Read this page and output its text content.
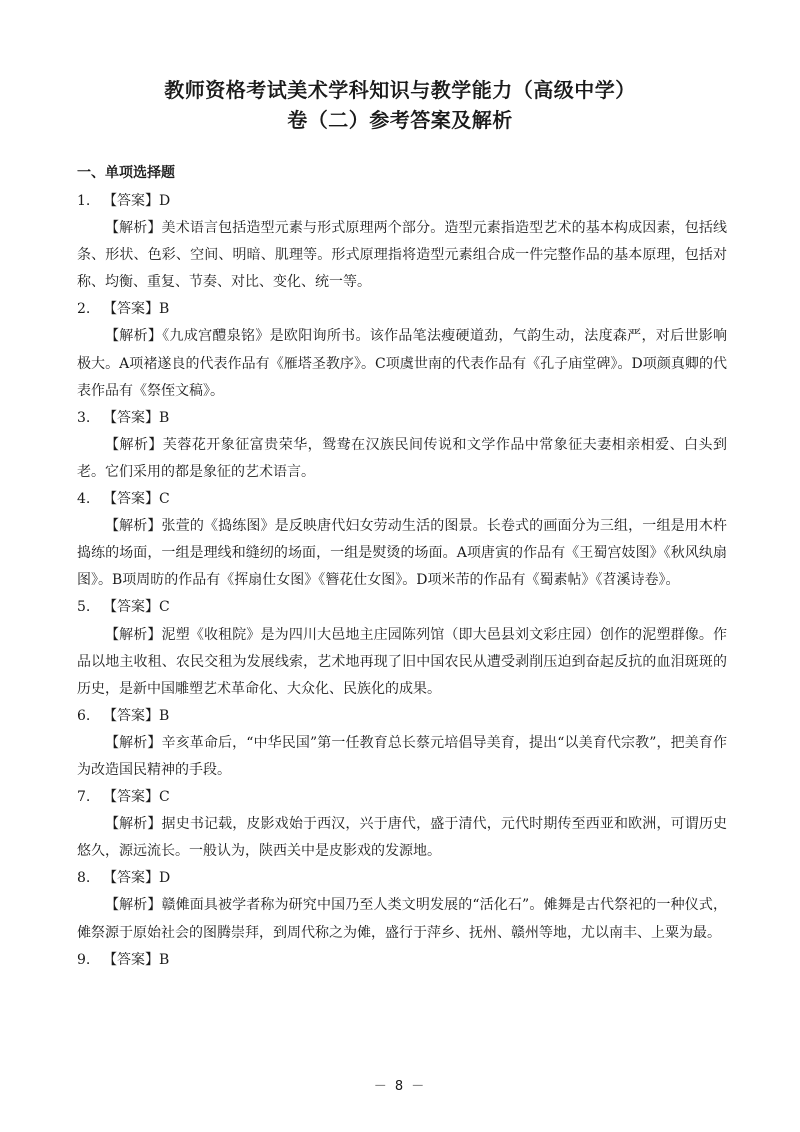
教师资格考试美术学科知识与教学能力（高级中学）
卷（二）参考答案及解析
一、单项选择题

1. 【答案】D

【解析】美术语言包括造型元素与形式原理两个部分。造型元素指造型艺术的基本构成因素，包括线条、形状、色彩、空间、明暗、肌理等。形式原理指将造型元素组合成一件完整作品的基本原理，包括对称、均衡、重复、节奏、对比、变化、统一等。

2. 【答案】B

【解析】《九成宫醴泉铭》是欧阳询所书。该作品笔法瘦硬道劲，气韵生动，法度森严，对后世影响极大。A项褚遂良的代表作品有《雁塔圣教序》。C项虞世南的代表作品有《孔子庙堂碑》。D项颜真卿的代表作品有《祭侄文稿》。

3. 【答案】B

【解析】芙蓉花开象征富贵荣华，鸳鸯在汉族民间传说和文学作品中常象征夫妻相亲相爱、白头到老。它们采用的都是象征的艺术语言。

4. 【答案】C

【解析】张萱的《捣练图》是反映唐代妇女劳动生活的图景。长卷式的画面分为三组，一组是用木杵捣练的场面，一组是理线和缝纫的场面，一组是熨烫的场面。A项唐寅的作品有《王蜀宫妓图》《秋风纨扇图》。B项周昉的作品有《挥扇仕女图》《簪花仕女图》。D项米芾的作品有《蜀素帖》《苕溪诗卷》。

5. 【答案】C

【解析】泥塑《收租院》是为四川大邑地主庄园陈列馆（即大邑县刘文彩庄园）创作的泥塑群像。作品以地主收租、农民交租为发展线索，艺术地再现了旧中国农民从遭受剥削压迫到奋起反抗的血泪斑斑的历史，是新中国雕塑艺术革命化、大众化、民族化的成果。

6. 【答案】B

【解析】辛亥革命后，“中华民国”第一任教育总长蔡元培倡导美育，提出“以美育代宗教”，把美育作为改造国民精神的手段。

7. 【答案】C

【解析】据史书记载，皮影戏始于西汉，兴于唐代，盛于清代，元代时期传至西亚和欧洲，可谓历史悠久，源远流长。一般认为，陕西关中是皮影戏的发源地。

8. 【答案】D

【解析】赣傩面具被学者称为研究中国乃至人类文明发展的“活化石”。傩舞是古代祭祀的一种仪式，傩祭源于原始社会的图腾崇拜，到周代称之为傩，盛行于萍乡、抚州、赣州等地，尤以南丰、上粟为最。

9. 【答案】B

－ 8 －
